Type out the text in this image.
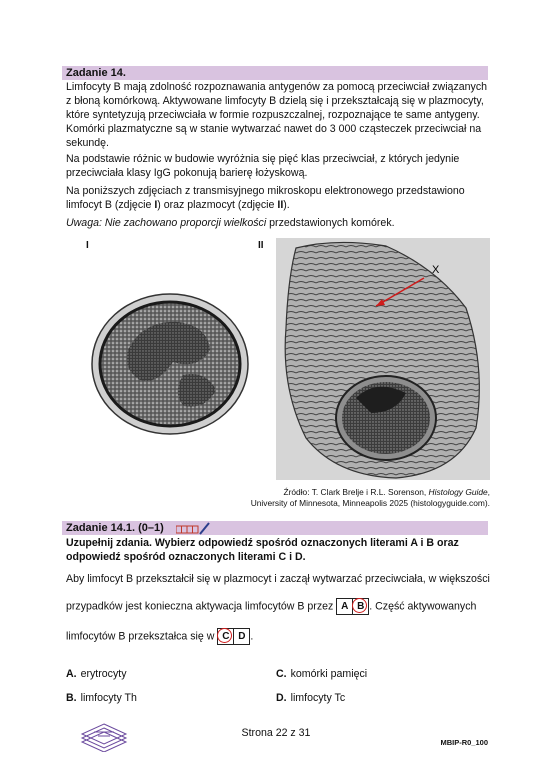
Zadanie 14.
Limfocyty B mają zdolność rozpoznawania antygenów za pomocą przeciwciał związanych z błoną komórkową. Aktywowane limfocyty B dzielą się i przekształcają się w plazmocyty, które syntetyzują przeciwciała w formie rozpuszczalnej, rozpoznające te same antygeny. Komórki plazmatyczne są w stanie wytwarzać nawet do 3 000 cząsteczek przeciwciał na sekundę.
Na podstawie różnic w budowie wyróżnia się pięć klas przeciwciał, z których jedynie przeciwciała klasy IgG pokonują barierę łożyskową.
Na poniższych zdjęciach z transmisyjnego mikroskopu elektronowego przedstawiono limfocyt B (zdjęcie I) oraz plazmocyt (zdjęcie II).
Uwaga: Nie zachowano proporcji wielkości przedstawionych komórek.
I	II
X
Źródło: T. Clark Brelje i R.L. Sorenson, Histology Guide,
University of Minnesota, Minneapolis 2025 (histologyguide.com).
Zadanie 14.1. (0–1)
Uzupełnij zdania. Wybierz odpowiedź spośród oznaczonych literami A i B oraz odpowiedź spośród oznaczonych literami C i D.
Aby limfocyt B przekształcił się w plazmocyt i zaczął wytwarzać przeciwciała, w większości
przypadków jest konieczna aktywacja limfocytów B przez A B . Część aktywowanych
limfocytów B przekształca się w C D .
A. erytrocyty	C. komórki pamięci
B. limfocyty Th	D. limfocyty Tc
Strona 22 z 31
MBIP-R0_100
